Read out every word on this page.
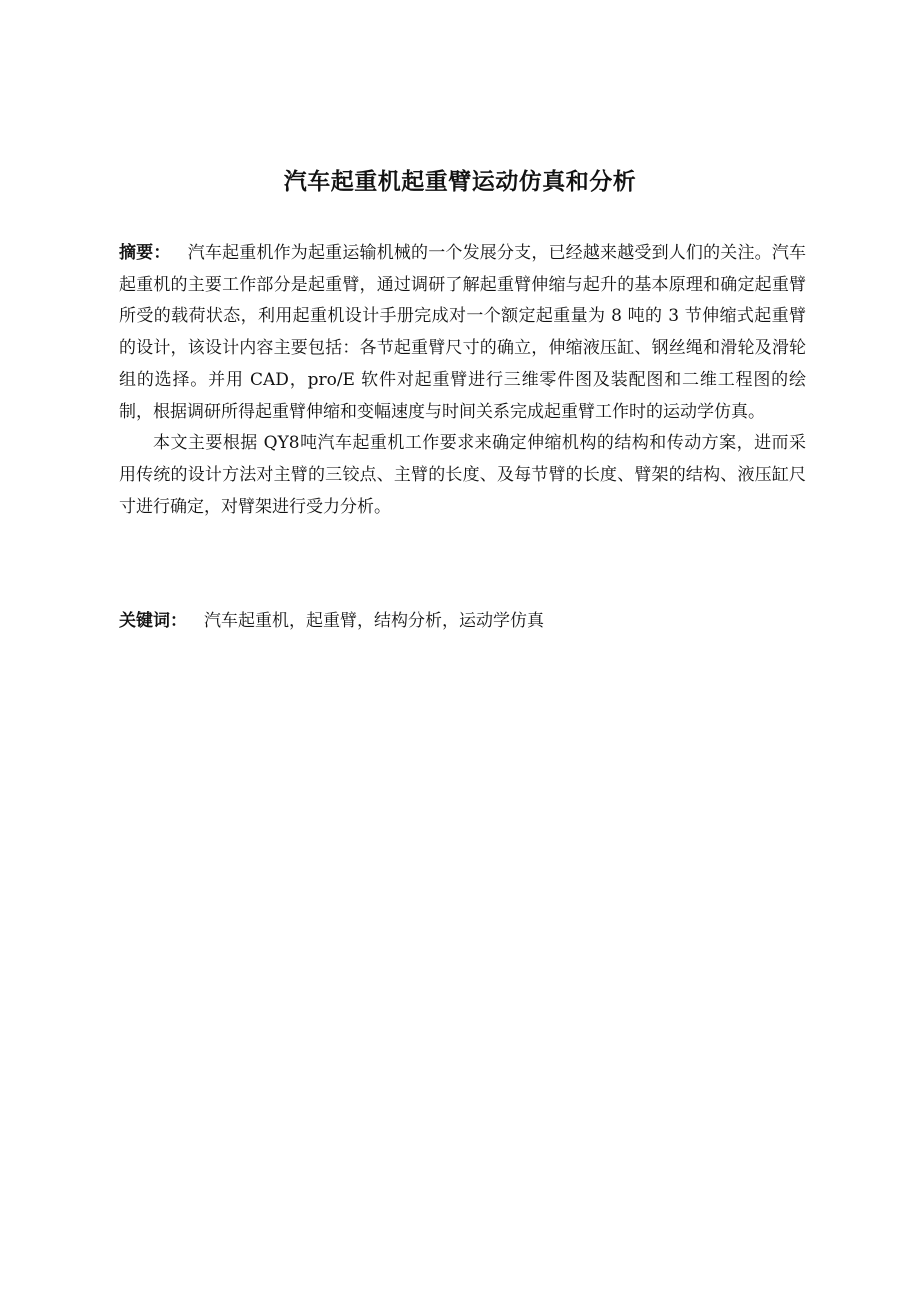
汽车起重机起重臂运动仿真和分析

摘要：  汽车起重机作为起重运输机械的一个发展分支，已经越来越受到人们的关注。汽车起重机的主要工作部分是起重臂，通过调研了解起重臂伸缩与起升的基本原理和确定起重臂所受的载荷状态，利用起重机设计手册完成对一个额定起重量为 8 吨的 3 节伸缩式起重臂的设计，该设计内容主要包括：各节起重臂尺寸的确立，伸缩液压缸、钢丝绳和滑轮及滑轮组的选择。并用 CAD，pro/E 软件对起重臂进行三维零件图及装配图和二维工程图的绘制，根据调研所得起重臂伸缩和变幅速度与时间关系完成起重臂工作时的运动学仿真。

本文主要根据 QY8吨汽车起重机工作要求来确定伸缩机构的结构和传动方案，进而采用传统的设计方法对主臂的三铰点、主臂的长度、及每节臂的长度、臂架的结构、液压缸尺寸进行确定，对臂架进行受力分析。

关键词：  汽车起重机，起重臂，结构分析，运动学仿真
